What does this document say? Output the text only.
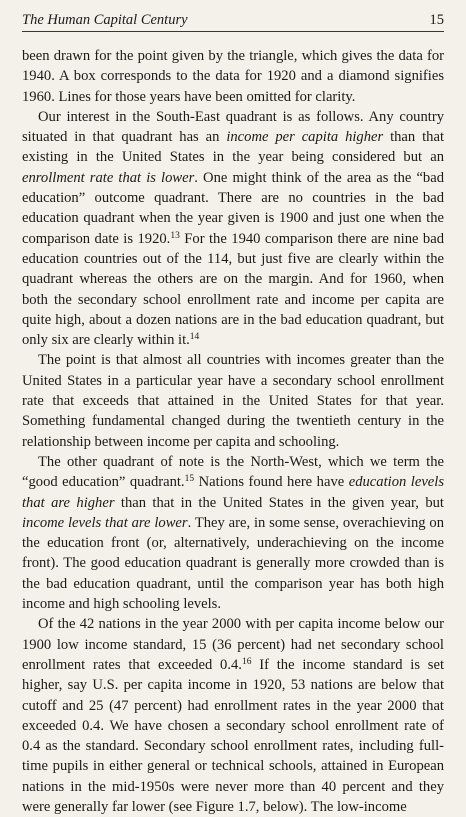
The Human Capital Century	15

been drawn for the point given by the triangle, which gives the data for 1940. A box corresponds to the data for 1920 and a diamond signifies 1960. Lines for those years have been omitted for clarity.

Our interest in the South-East quadrant is as follows. Any country situated in that quadrant has an income per capita higher than that existing in the United States in the year being considered but an enrollment rate that is lower. One might think of the area as the “bad education” outcome quadrant. There are no countries in the bad education quadrant when the year given is 1900 and just one when the comparison date is 1920.13 For the 1940 comparison there are nine bad education countries out of the 114, but just five are clearly within the quadrant whereas the others are on the margin. And for 1960, when both the secondary school enrollment rate and income per capita are quite high, about a dozen nations are in the bad education quadrant, but only six are clearly within it.$^{14}$

The point is that almost all countries with incomes greater than the United States in a particular year have a secondary school enrollment rate that exceeds that attained in the United States for that year. Something fundamental changed during the twentieth century in the relationship between income per capita and schooling.

The other quadrant of note is the North-West, which we term the “good education” quadrant.$^{15}$ Nations found here have education levels that are higher than that in the United States in the given year, but income levels that are lower. They are, in some sense, overachieving on the education front (or, alternatively, underachieving on the income front). The good education quadrant is generally more crowded than is the bad education quadrant, until the comparison year has both high income and high schooling levels.

Of the 42 nations in the year 2000 with per capita income below our 1900 low income standard, 15 (36 percent) had net secondary school enrollment rates that exceeded 0.4.16 If the income standard is set higher, say U.S. per capita income in 1920, 53 nations are below that cutoff and 25 (47 percent) had enrollment rates in the year 2000 that exceeded 0.4. We have chosen a secondary school enrollment rate of 0.4 as the standard. Secondary school enrollment rates, including full-time pupils in either general or technical schools, attained in European nations in the mid-1950s were never more than 40 percent and they were generally far lower (see Figure 1.7, below). The low-income
